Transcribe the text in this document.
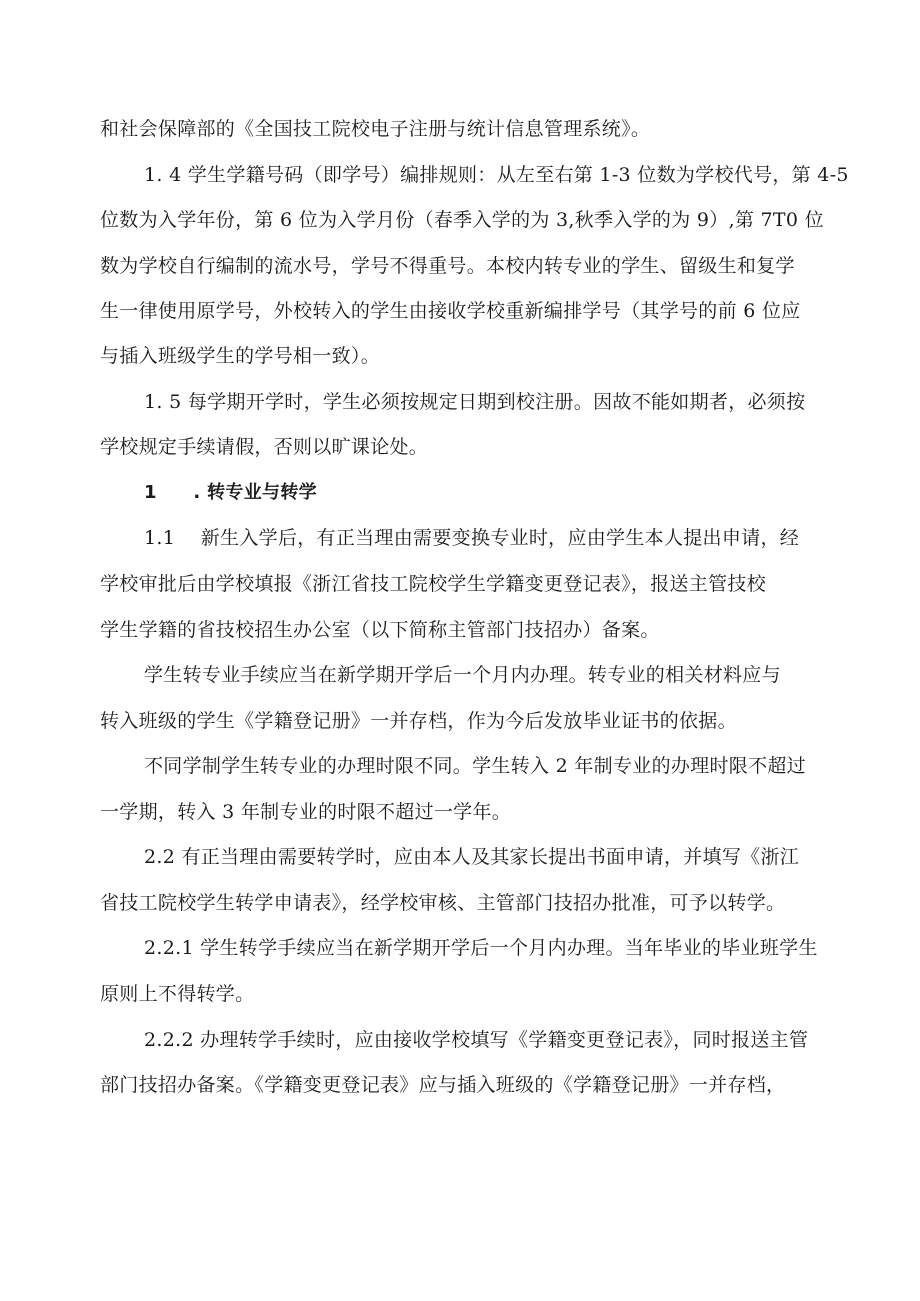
和社会保障部的《全国技工院校电子注册与统计信息管理系统》。
1. 4 学生学籍号码（即学号）编排规则：从左至右第 1-3 位数为学校代号，第 4-5
位数为入学年份，第 6 位为入学月份（春季入学的为 3,秋季入学的为 9）,第 7T0 位
数为学校自行编制的流水号，学号不得重号。本校内转专业的学生、留级生和复学
生一律使用原学号，外校转入的学生由接收学校重新编排学号（其学号的前 6 位应
与插入班级学生的学号相一致）。
1. 5 每学期开学时，学生必须按规定日期到校注册。因故不能如期者，必须按
学校规定手续请假，否则以旷课论处。
1　　. 转专业与转学
1.1　 新生入学后，有正当理由需要变换专业时，应由学生本人提出申请，经
学校审批后由学校填报《浙江省技工院校学生学籍变更登记表》，报送主管技校
学生学籍的省技校招生办公室（以下简称主管部门技招办）备案。
学生转专业手续应当在新学期开学后一个月内办理。转专业的相关材料应与
转入班级的学生《学籍登记册》一并存档，作为今后发放毕业证书的依据。
不同学制学生转专业的办理时限不同。学生转入 2 年制专业的办理时限不超过
一学期，转入 3 年制专业的时限不超过一学年。
2.2 有正当理由需要转学时，应由本人及其家长提出书面申请，并填写《浙江
省技工院校学生转学申请表》，经学校审核、主管部门技招办批准，可予以转学。
2.2.1 学生转学手续应当在新学期开学后一个月内办理。当年毕业的毕业班学生
原则上不得转学。
2.2.2 办理转学手续时，应由接收学校填写《学籍变更登记表》，同时报送主管
部门技招办备案。《学籍变更登记表》应与插入班级的《学籍登记册》一并存档，
